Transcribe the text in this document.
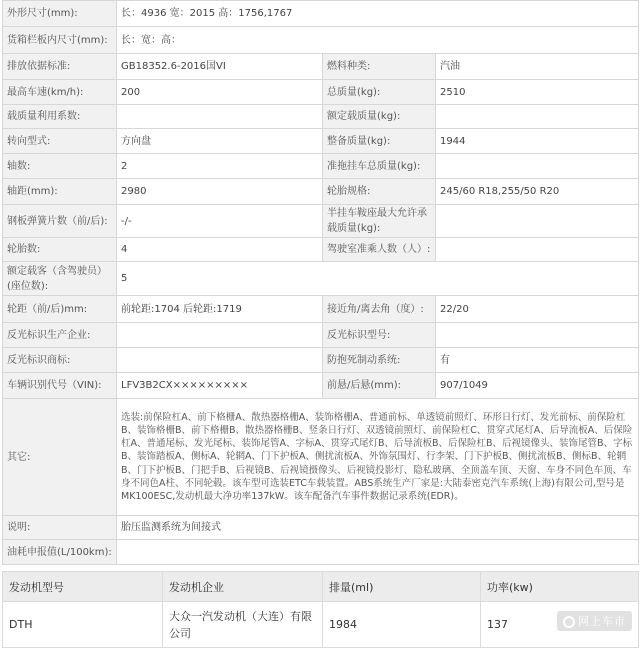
外形尺寸(mm):	长：4936 宽：2015 高：1756,1767		
货箱栏板内尺寸(mm):	长：宽：高：		
排放依据标准:	GB18352.6-2016国VI	燃料种类:	汽油
最高车速(km/h):	200	总质量(kg):	2510
载质量利用系数:		额定载质量(kg):	
转向型式:	方向盘	整备质量(kg):	1944
轴数:	2	准拖挂车总质量(kg):	
轴距(mm):	2980	轮胎规格:	245/60 R18,255/50 R20
钢板弹簧片数（前/后):	-/-	半挂车鞍座最大允许承载质量(kg):	
轮胎数:	4	驾驶室准乘人数（人）:	
额定载客（含驾驶员）(座位数):	5		
轮距（前/后)mm:	前轮距:1704 后轮距:1719	接近角/离去角（度）:	22/20
反光标识生产企业:		反光标识型号:	
反光标识商标:		防抱死制动系统:	有
车辆识别代号（VIN):	LFV3B2CX×××××××××	前悬/后悬(mm):	907/1049
其它:	选装:前保险杠A、前下格栅A、散热器格栅A、装饰格栅A、普通前标、单透镜前照灯、环形日行灯、发光前标、前保险杠B、装饰格栅B、前下格栅B、散热器格栅B、竖条日行灯、双透镜前照灯、前保险杠C、贯穿式尾灯A、后导流板A、后保险杠A、普通尾标、发光尾标、装饰尾管A、字标A、贯穿式尾灯B、后导流板B、后保险杠B、后视镜像头、装饰尾管B、字标B、装饰踏板A、侧标A、轮辋A、门下护板A、侧扰流板A、外饰氛围灯、行李架、门下护板B、侧扰流板B、侧标B、轮辋B、门下护板B、门把手B、后视镜B、后视镜摄像头、后视镜投影灯、隐私玻璃、全顶盖车顶、天窗、车身不同色车顶、车身不同色A柱、不同轮毂。该车型可选装ETC车载装置。ABS系统生产厂家是:大陆泰密克汽车系统(上海)有限公司,型号是MK100ESC,发动机最大净功率137kW。该车配备汽车事件数据记录系统(EDR)。		
说明:	胎压监测系统为间接式		
油耗申报值(L/100km):			
发动机型号	发动机企业	排量(ml)	功率(kw)
DTH	大众一汽发动机（大连）有限公司	1984	137	网上车市
